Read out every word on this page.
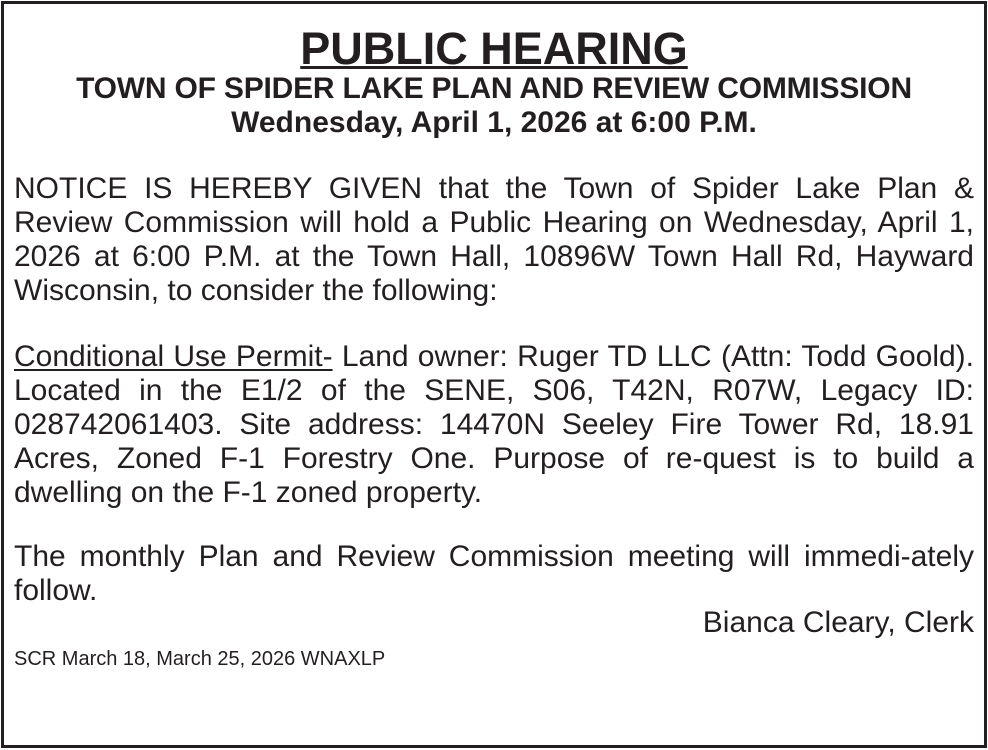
PUBLIC HEARING
TOWN OF SPIDER LAKE PLAN AND REVIEW COMMISSION
Wednesday, April 1, 2026 at 6:00 P.M.

NOTICE IS HEREBY GIVEN that the Town of Spider Lake Plan & Review Commission will hold a Public Hearing on Wednesday, April 1, 2026 at 6:00 P.M. at the Town Hall, 10896W Town Hall Rd, Hayward Wisconsin, to consider the following:

Conditional Use Permit- Land owner: Ruger TD LLC (Attn: Todd Goold). Located in the E1/2 of the SENE, S06, T42N, R07W, Legacy ID: 028742061403. Site address: 14470N Seeley Fire Tower Rd, 18.91 Acres, Zoned F-1 Forestry One. Purpose of re-quest is to build a dwelling on the F-1 zoned property.

The monthly Plan and Review Commission meeting will immedi-ately follow.

Bianca Cleary, Clerk
SCR March 18, March 25, 2026 WNAXLP
